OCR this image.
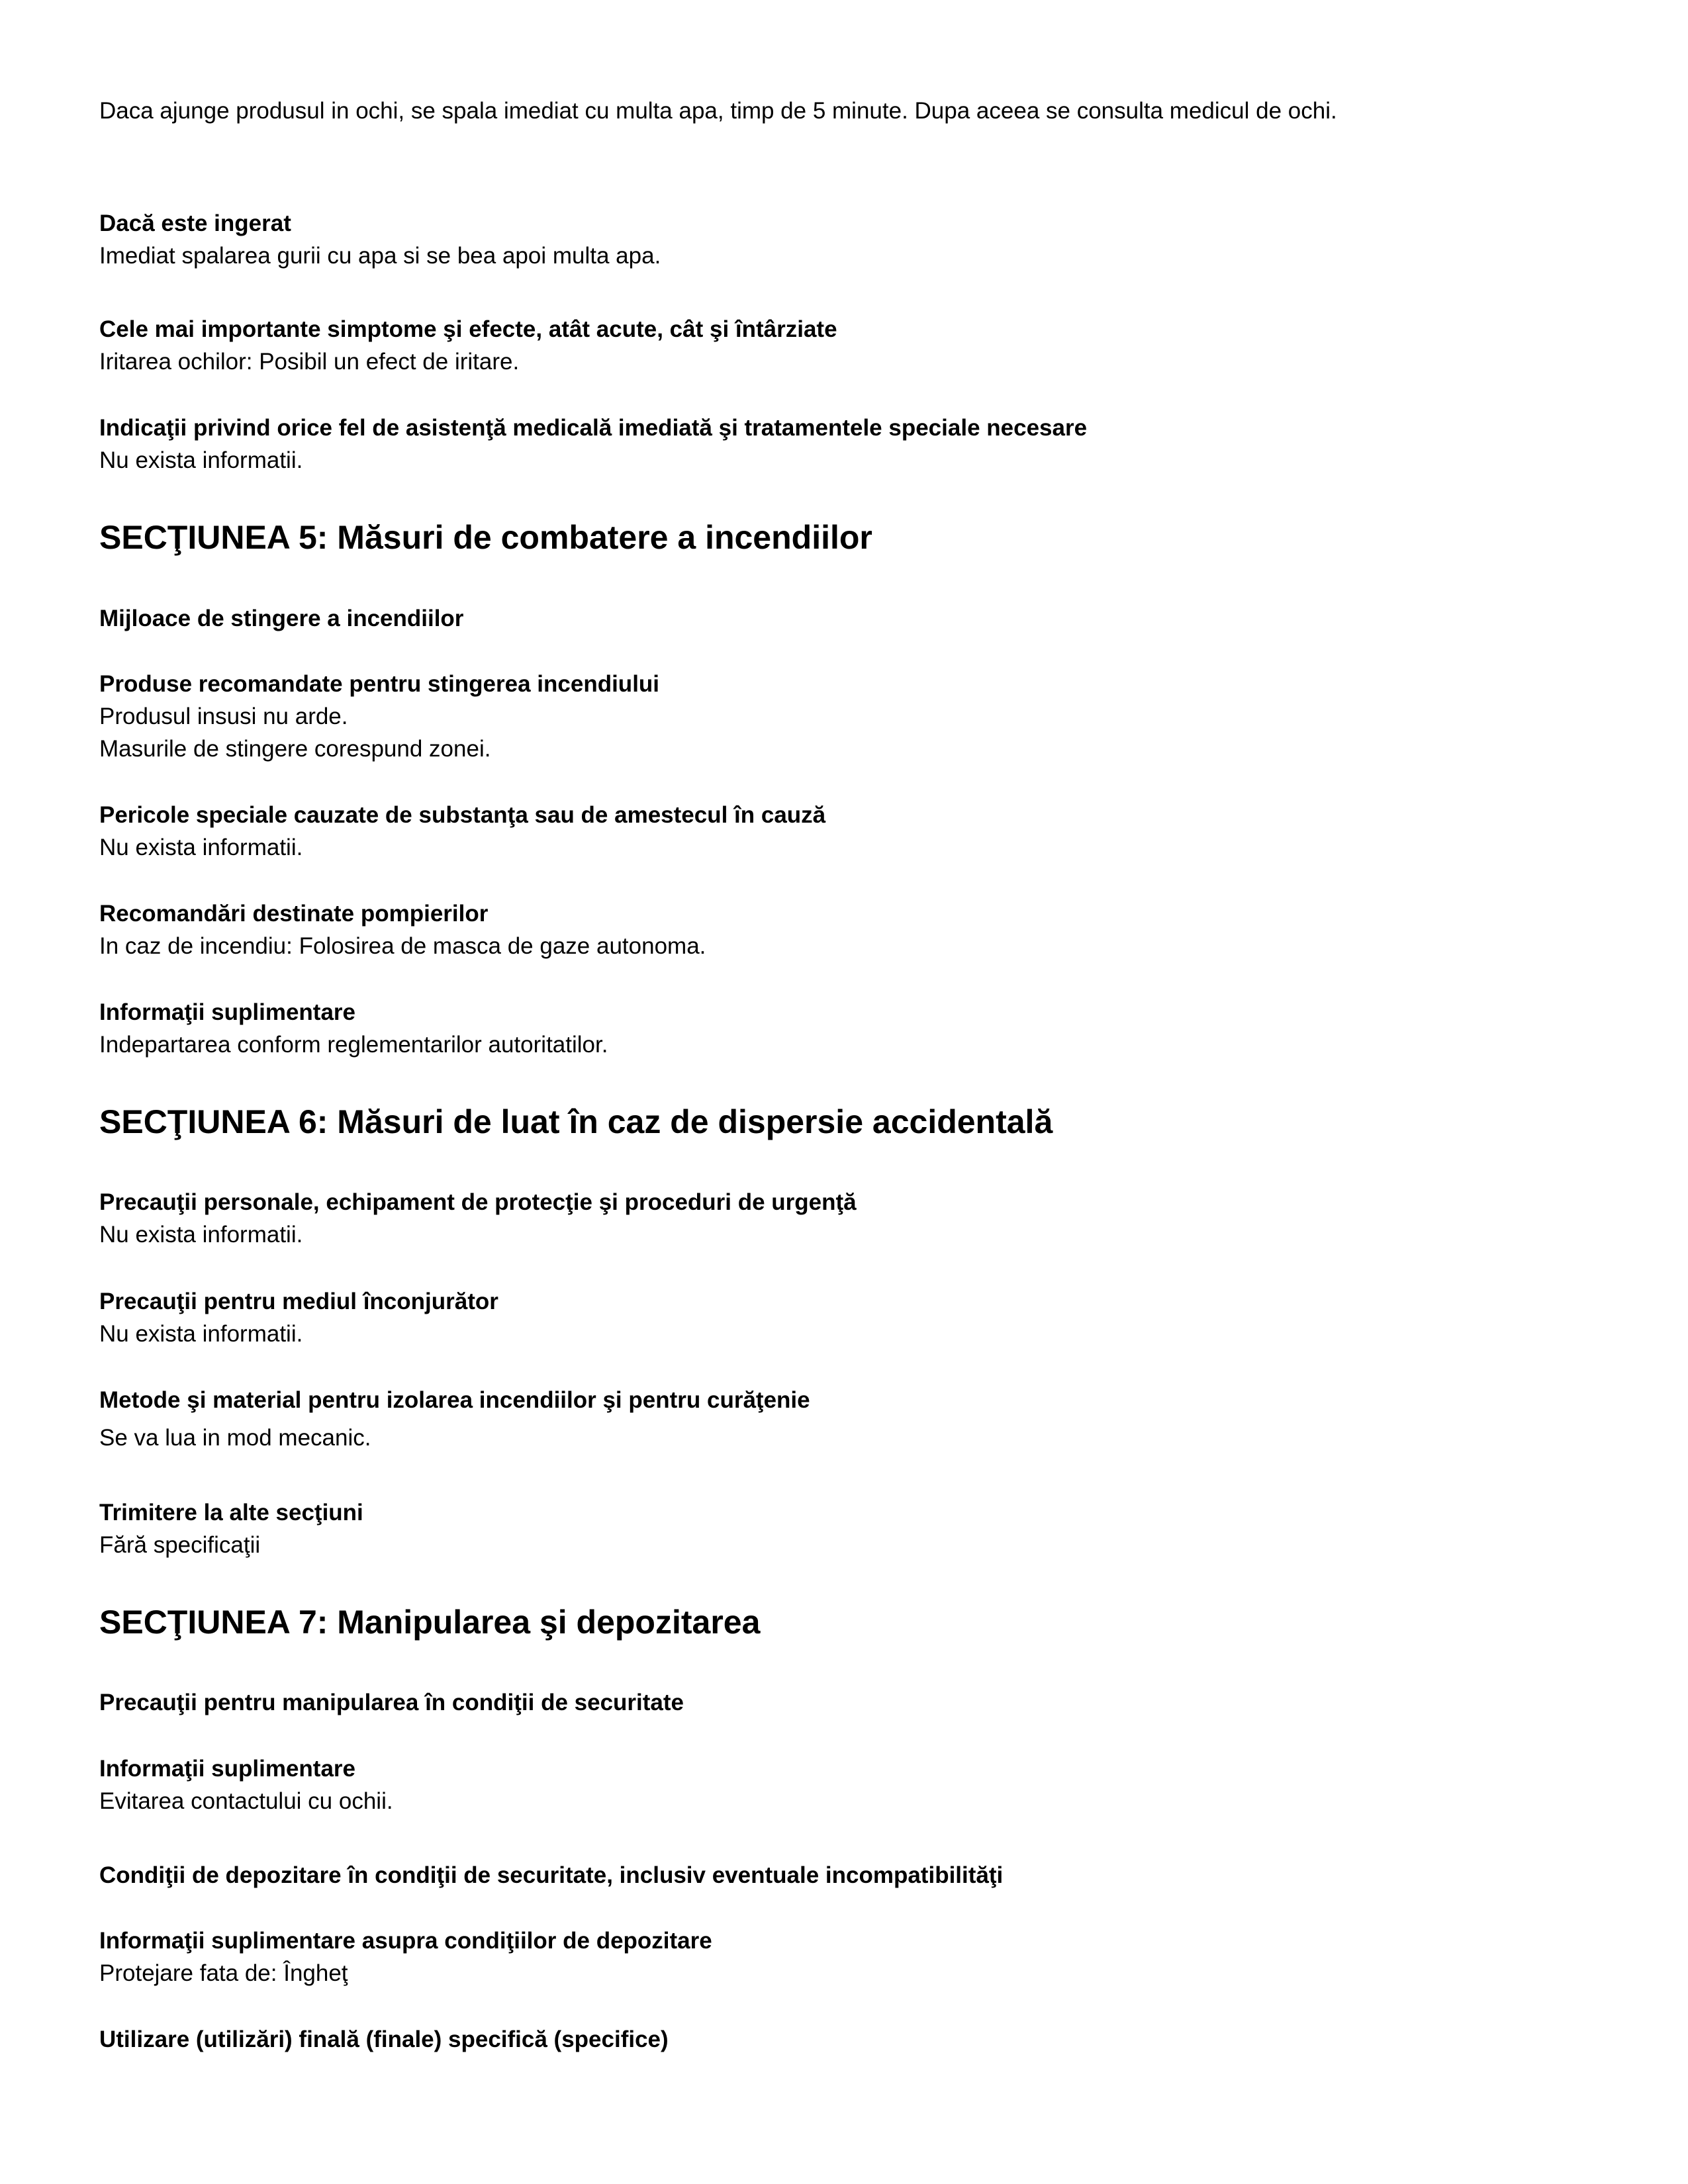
Daca ajunge produsul in ochi, se spala imediat cu multa apa, timp de 5 minute. Dupa aceea se consulta medicul de ochi.
Dacă este ingerat
Imediat spalarea gurii cu apa si se bea apoi multa apa.
Cele mai importante simptome şi efecte, atât acute, cât şi întârziate
Iritarea ochilor: Posibil un efect de iritare.
Indicaţii privind orice fel de asistenţă medicală imediată şi tratamentele speciale necesare
Nu exista informatii.
SECŢIUNEA 5: Măsuri de combatere a incendiilor
Mijloace de stingere a incendiilor
Produse recomandate pentru stingerea incendiului
Produsul insusi nu arde.
Masurile de stingere corespund zonei.
Pericole speciale cauzate de substanţa sau de amestecul în cauză
Nu exista informatii.
Recomandări destinate pompierilor
In caz de incendiu: Folosirea de masca de gaze autonoma.
Informaţii suplimentare
Indepartarea conform reglementarilor autoritatilor.
SECŢIUNEA 6: Măsuri de luat în caz de dispersie accidentală
Precauţii personale, echipament de protecţie şi proceduri de urgenţă
Nu exista informatii.
Precauţii pentru mediul înconjurător
Nu exista informatii.
Metode şi material pentru izolarea incendiilor şi pentru curăţenie
Se va lua in mod mecanic.
Trimitere la alte secţiuni
Fără specificaţii
SECŢIUNEA 7: Manipularea şi depozitarea
Precauţii pentru manipularea în condiţii de securitate
Informaţii suplimentare
Evitarea contactului cu ochii.
Condiţii de depozitare în condiţii de securitate, inclusiv eventuale incompatibilităţi
Informaţii suplimentare asupra condiţiilor de depozitare
Protejare fata de: Îngheţ
Utilizare (utilizări) finală (finale) specifică (specifice)
